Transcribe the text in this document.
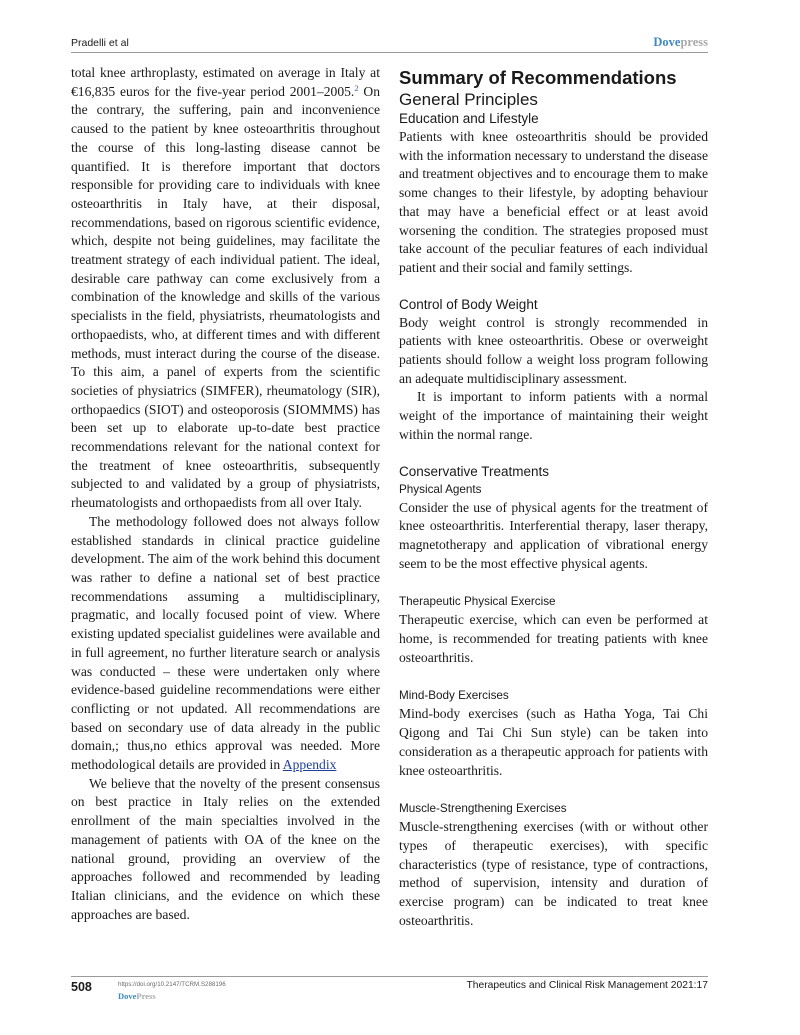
Pradelli et al	Dovepress

total knee arthroplasty, estimated on average in Italy at €16,835 euros for the five-year period 2001–2005.$^2$ On the contrary, the suffering, pain and inconvenience caused to the patient by knee osteoarthritis throughout the course of this long-lasting disease cannot be quantified. It is therefore important that doctors responsible for providing care to individuals with knee osteoarthritis in Italy have, at their disposal, recommendations, based on rigorous scientific evidence, which, despite not being guidelines, may facilitate the treatment strategy of each individual patient. The ideal, desirable care pathway can come exclusively from a combination of the knowledge and skills of the various specialists in the field, physiatrists, rheumatologists and orthopaedists, who, at different times and with different methods, must interact during the course of the disease. To this aim, a panel of experts from the scientific societies of physiatrics (SIMFER), rheumatology (SIR), orthopaedics (SIOT) and osteoporosis (SIOMMMS) has been set up to elaborate up-to-date best practice recommendations relevant for the national context for the treatment of knee osteoarthritis, subsequently subjected to and validated by a group of physiatrists, rheumatologists and orthopaedists from all over Italy.

The methodology followed does not always follow established standards in clinical practice guideline development. The aim of the work behind this document was rather to define a national set of best practice recommendations assuming a multidisciplinary, pragmatic, and locally focused point of view. Where existing updated specialist guidelines were available and in full agreement, no further literature search or analysis was conducted – these were undertaken only where evidence-based guideline recommendations were either conflicting or not updated. All recommendations are based on secondary use of data already in the public domain,; thus,no ethics approval was needed. More methodological details are provided in Appendix

We believe that the novelty of the present consensus on best practice in Italy relies on the extended enrollment of the main specialties involved in the management of patients with OA of the knee on the national ground, providing an overview of the approaches followed and recommended by leading Italian clinicians, and the evidence on which these approaches are based.

Summary of Recommendations
General Principles
Education and Lifestyle

Patients with knee osteoarthritis should be provided with the information necessary to understand the disease and treatment objectives and to encourage them to make some changes to their lifestyle, by adopting behaviour that may have a beneficial effect or at least avoid worsening the condition. The strategies proposed must take account of the peculiar features of each individual patient and their social and family settings.

Control of Body Weight

Body weight control is strongly recommended in patients with knee osteoarthritis. Obese or overweight patients should follow a weight loss program following an adequate multidisciplinary assessment.

It is important to inform patients with a normal weight of the importance of maintaining their weight within the normal range.

Conservative Treatments
Physical Agents

Consider the use of physical agents for the treatment of knee osteoarthritis. Interferential therapy, laser therapy, magnetotherapy and application of vibrational energy seem to be the most effective physical agents.

Therapeutic Physical Exercise

Therapeutic exercise, which can even be performed at home, is recommended for treating patients with knee osteoarthritis.

Mind-Body Exercises

Mind-body exercises (such as Hatha Yoga, Tai Chi Qigong and Tai Chi Sun style) can be taken into consideration as a therapeutic approach for patients with knee osteoarthritis.

Muscle-Strengthening Exercises

Muscle-strengthening exercises (with or without other types of therapeutic exercises), with specific characteristics (type of resistance, type of contractions, method of supervision, intensity and duration of exercise program) can be indicated to treat knee osteoarthritis.

508	https://doi.org/10.2147/TCRM.S288196
DovePress
Therapeutics and Clinical Risk Management 2021:17
